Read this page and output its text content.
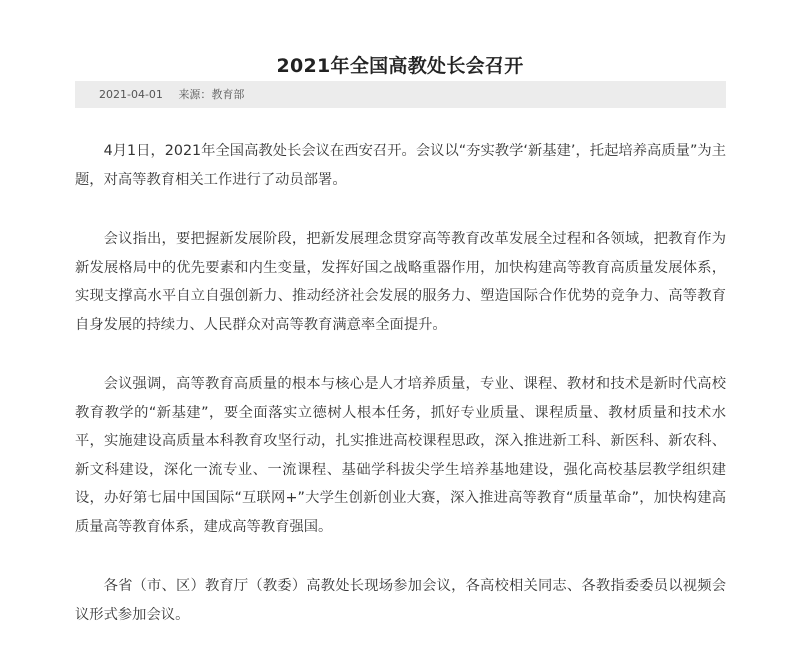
2021年全国高教处长会召开
2021-04-01 来源：教育部

4月1日，2021年全国高教处长会议在西安召开。会议以“夯实教学‘新基建’，托起培养高质量”为主题，对高等教育相关工作进行了动员部署。

会议指出，要把握新发展阶段，把新发展理念贯穿高等教育改革发展全过程和各领域，把教育作为新发展格局中的优先要素和内生变量，发挥好国之战略重器作用，加快构建高等教育高质量发展体系，实现支撑高水平自立自强创新力、推动经济社会发展的服务力、塑造国际合作优势的竞争力、高等教育自身发展的持续力、人民群众对高等教育满意率全面提升。

会议强调，高等教育高质量的根本与核心是人才培养质量，专业、课程、教材和技术是新时代高校教育教学的“新基建”，要全面落实立德树人根本任务，抓好专业质量、课程质量、教材质量和技术水平，实施建设高质量本科教育攻坚行动，扎实推进高校课程思政，深入推进新工科、新医科、新农科、新文科建设，深化一流专业、一流课程、基础学科拔尖学生培养基地建设，强化高校基层教学组织建设，办好第七届中国国际“互联网+”大学生创新创业大赛，深入推进高等教育“质量革命”，加快构建高质量高等教育体系，建成高等教育强国。

各省（市、区）教育厅（教委）高教处长现场参加会议，各高校相关同志、各教指委委员以视频会议形式参加会议。
